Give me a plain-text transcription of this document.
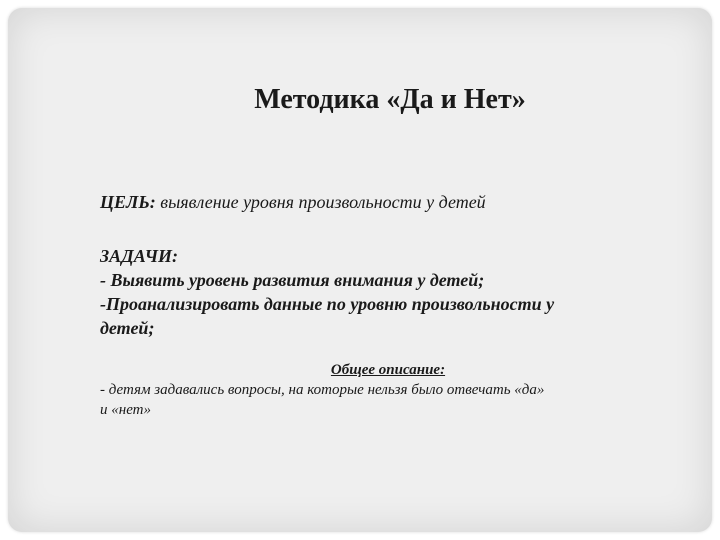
Методика «Да и Нет»

ЦЕЛЬ: выявление уровня произвольности у детей

ЗАДАЧИ:
- Выявить уровень развития внимания у детей;
-Проанализировать данные по уровню произвольности у
детей;

Общее описание:

- детям задавались вопросы, на которые нельзя было отвечать «да»

и «нет»
